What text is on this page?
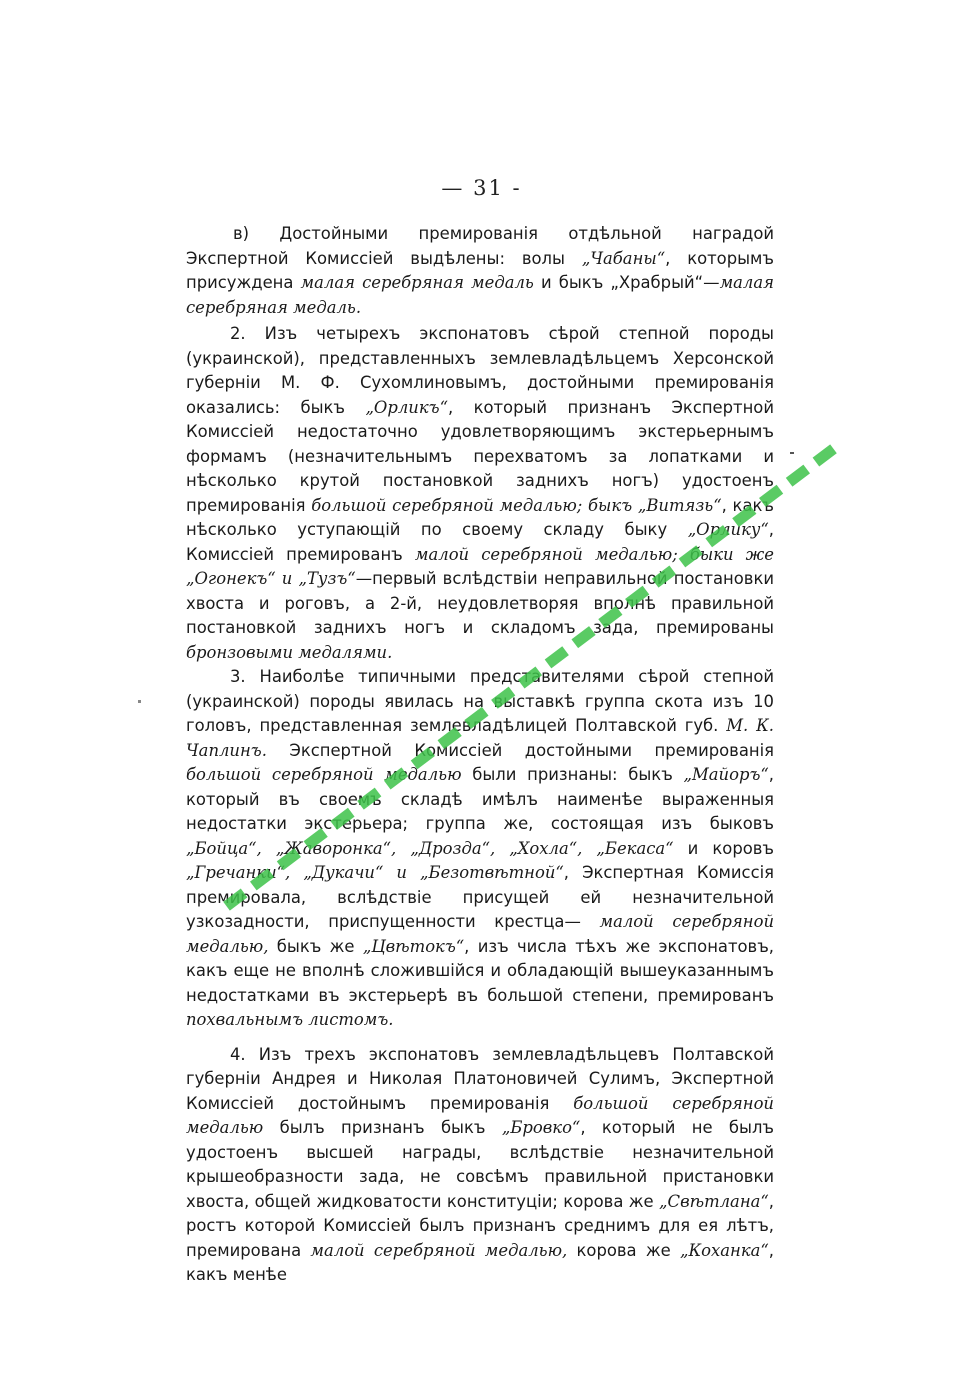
— 31 -

в) Достойными премированія отдѣльной наградой Экспертной Комиссiей выдѣлены: волы „Чабаны“, которымъ присуждена малая серебряная медаль и быкъ „Храбрый“—малая серебряная медаль.

2. Изъ четырехъ экспонатовъ сѣрой степной породы (украинской), представленныхъ землевладѣльцемъ Херсонской губерніи М. Ф. Сухомлиновымъ, достойными премированія оказались: быкъ „Орликъ“, который признанъ Экспертной Комиссiей недостаточно удовлетворяющимъ экстерьернымъ формамъ (незначительнымъ перехватомъ за лопатками и нѣсколько крутой постановкой заднихъ ногъ) удостоенъ премированія большой серебряной медалью; быкъ „Витязь“, какъ нѣсколько уступающій по своему складу быку „Орлику“, Комиссiей премированъ малой серебряной медалью; быки же „Огонекъ“ и „Тузъ“—первый вслѣдствіи неправильной постановки хвоста и роговъ, а 2-й, неудовлетворяя вполнѣ правильной постановкой заднихъ ногъ и складомъ зада, премированы бронзовыми медалями.

3. Наиболѣе типичными представителями сѣрой степной (украинской) породы явилась на выставкѣ группа скота изъ 10 головъ, представленная землевладѣлицей Полтавской губ. М. К. Чаплинъ. Экспертной Комиссiей достойными премированія большой серебряной медалью были признаны: быкъ „Майоръ“, который въ своемъ складѣ имѣлъ наименѣе выраженныя недостатки экстерьера; группа же, состоящая изъ быковъ „Бойца“, „Жаворонка“, „Дрозда“, „Хохла“, „Бекаса“ и коровъ „Гречанки“, „Дукачи“ и „Безотвѣтной“, Экспертная Комиссія премировала, вслѣдствіе присущей ей незначительной узкозадности, приспущенности крестца— малой серебряной медалью, быкъ же „Цвѣтокъ“, изъ числа тѣхъ же экспонатовъ, какъ еще не вполнѣ сложившійся и обладающій вышеуказаннымъ недостатками въ экстерьерѣ въ большой степени, премированъ похвальнымъ листомъ.

4. Изъ трехъ экспонатовъ землевладѣльцевъ Полтавской губерніи Андрея и Николая Платоновичей Сулимъ, Экспертной Комиссiей достойнымъ премированія большой серебряной медалью былъ признанъ быкъ „Бровко“, который не былъ удостоенъ высшей награды, вслѣдствіе незначительной крышеобразности зада, не совсѣмъ правильной пристановки хвоста, общей жидковатости конституціи; корова же „Свѣтлана“, ростъ которой Комиссiей былъ признанъ среднимъ для ея лѣтъ, премирована малой серебряной медалью, корова же „Коханка“, какъ менѣе
